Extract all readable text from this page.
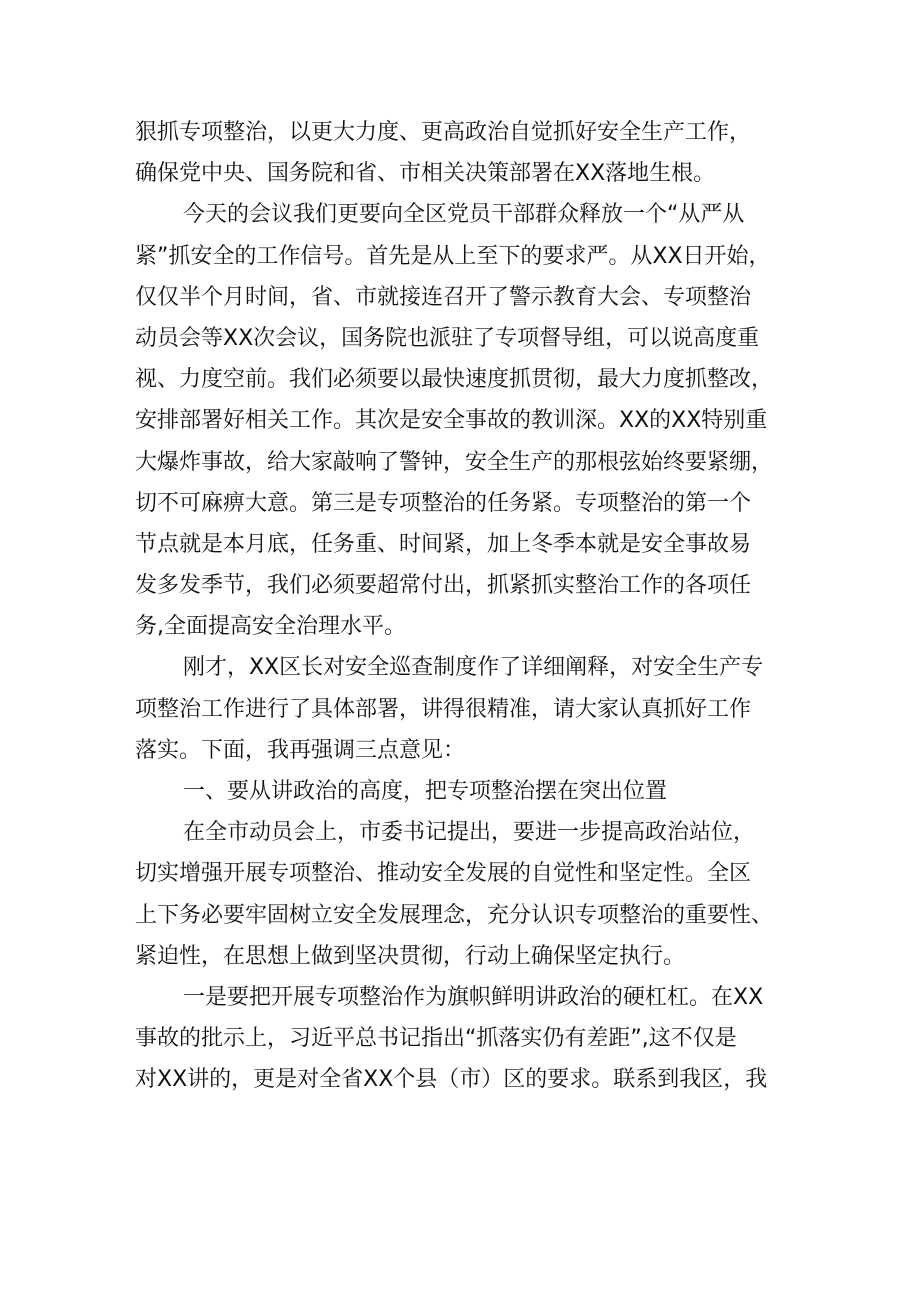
狠抓专项整治，以更大力度、更高政治自觉抓好安全生产工作，
确保党中央、国务院和省、市相关决策部署在XX落地生根。
今天的会议我们更要向全区党员干部群众释放一个“从严从
紧”抓安全的工作信号。首先是从上至下的要求严。从XX日开始，
仅仅半个月时间，省、市就接连召开了警示教育大会、专项整治
动员会等XX次会议，国务院也派驻了专项督导组，可以说高度重
视、力度空前。我们必须要以最快速度抓贯彻，最大力度抓整改，
安排部署好相关工作。其次是安全事故的教训深。XX的XX特别重
大爆炸事故，给大家敲响了警钟，安全生产的那根弦始终要紧绷，
切不可麻痹大意。第三是专项整治的任务紧。专项整治的第一个
节点就是本月底，任务重、时间紧，加上冬季本就是安全事故易
发多发季节，我们必须要超常付出，抓紧抓实整治工作的各项任
务,全面提高安全治理水平。
刚才，XX区长对安全巡查制度作了详细阐释，对安全生产专
项整治工作进行了具体部署，讲得很精准，请大家认真抓好工作
落实。下面，我再强调三点意见：
一、要从讲政治的高度，把专项整治摆在突出位置
在全市动员会上，市委书记提出，要进一步提高政治站位，
切实增强开展专项整治、推动安全发展的自觉性和坚定性。全区
上下务必要牢固树立安全发展理念，充分认识专项整治的重要性、
紧迫性，在思想上做到坚决贯彻，行动上确保坚定执行。
一是要把开展专项整治作为旗帜鲜明讲政治的硬杠杠。在XX
事故的批示上，习近平总书记指出“抓落实仍有差距”,这不仅是
对XX讲的，更是对全省XX个县（市）区的要求。联系到我区，我
